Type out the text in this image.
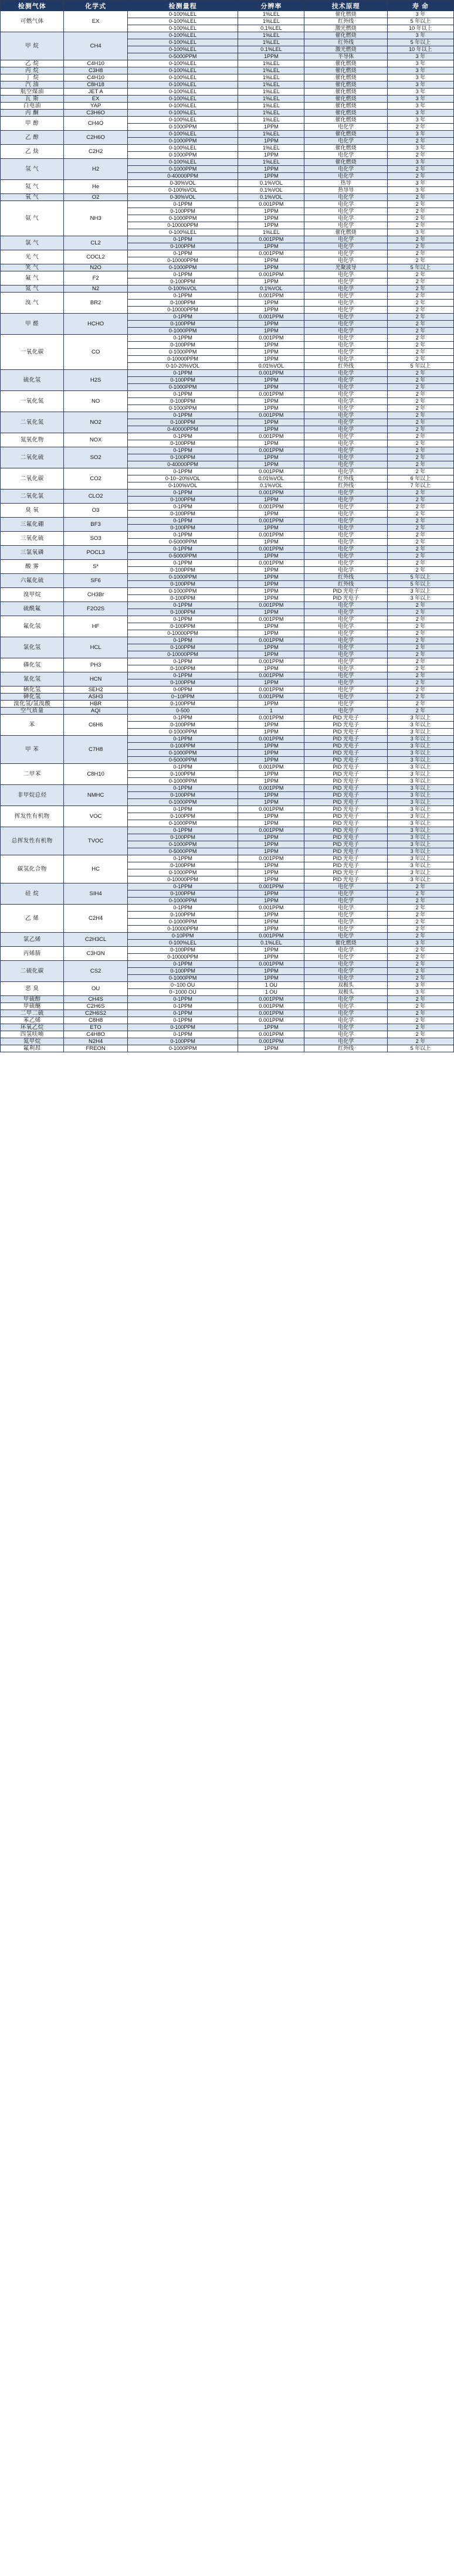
检测气体	化学式	检测量程	分辨率	技术原理	寿 命
可燃气体	EX	0-100%LEL	1%LEL	催化燃烧	3 年
		0-100%LEL	1%LEL	红外线	5 年以上
		0-100%LEL	0.1%LEL	激光燃烧	10 年以上
甲 烷	CH4	0-100%LEL	1%LEL	催化燃烧	3 年
		0-100%LEL	1%LEL	红外线	5 年以上
		0-100%LEL	0.1%LEL	激光燃烧	10 年以上
		0-5000PPM	1PPM	半导体	3 年
乙 烷	C4H10	0-100%LEL	1%LEL	催化燃烧	3 年
丙 烷	C3H8	0-100%LEL	1%LEL	催化燃烧	3 年
丁 烷	C4H10	0-100%LEL	1%LEL	催化燃烧	3 年
汽 油	C8H18	0-100%LEL	1%LEL	催化燃烧	3 年
航空煤油	JET A	0-100%LEL	1%LEL	催化燃烧	3 年
瓦 斯	EX	0-100%LEL	1%LEL	催化燃烧	3 年
白电油	YAP	0-100%LEL	1%LEL	催化燃烧	3 年
丙 酮	C3H6O	0-100%LEL	1%LEL	催化燃烧	3 年
甲 醇	CH4O	0-100%LEL	1%LEL	催化燃烧	3 年
		0-1000PPM	1PPM	电化学	2 年
乙 醇	C2H6O	0-100%LEL	1%LEL	催化燃烧	3 年
		0-1000PPM	1PPM	电化学	2 年
乙 炔	C2H2	0-100%LEL	1%LEL	催化燃烧	3 年
		0-1000PPM	1PPM	电化学	2 年
氢 气	H2	0-100%LEL	1%LEL	催化燃烧	3 年
		0-1000PPM	1PPM	电化学	2 年
		0-40000PPM	1PPM	电化学	2 年
氦 气	He	0-30%VOL	0.1%VOL	热导	3 年
		0-100%VOL	0.1%VOL	热导导	3 年
氧 气	O2	0-30%VOL	0.1%VOL	电化学	2 年
氨 气	NH3	0-1PPM	0.001PPM	电化学	2 年
		0-100PPM	1PPM	电化学	2 年
		0-1000PPM	1PPM	电化学	2 年
		0-10000PPM	1PPM	电化学	2 年
		0-100%LEL	1%LEL	催化燃烧	3 年
氯 气	CL2	0-1PPM	0.001PPM	电化学	2 年
		0-100PPM	1PPM	电化学	2 年
光 气	COCL2	0-1PPM	0.001PPM	电化学	2 年
		0-10000PPM	1PPM	电化学	2 年
笑 气	N2O	0-1000PPM	1PPM	光聚波导	5 年以上
氟 气	F2	0-1PPM	0.001PPM	电化学	2 年
		0-100PPM	1PPM	电化学	2 年
氮 气	N2	0-100%VOL	0.1%VOL	电化学	2 年
溴 气	BR2	0-1PPM	0.001PPM	电化学	2 年
		0-100PPM	1PPM	电化学	2 年
		0-10000PPM	1PPM	电化学	2 年
甲 醛	HCHO	0-1PPM	0.001PPM	电化学	2 年
		0-100PPM	1PPM	电化学	2 年
		0-1000PPM	1PPM	电化学	2 年
一氧化碳	CO	0-1PPM	0.001PPM	电化学	2 年
		0-100PPM	1PPM	电化学	2 年
		0-1000PPM	1PPM	电化学	2 年
		0-10000PPM	1PPM	电化学	2 年
		0-10-20%VOL	0.01%VOL	红外线	5 年以上
硫化氢	H2S	0-1PPM	0.001PPM	电化学	2 年
		0-100PPM	1PPM	电化学	2 年
		0-1000PPM	1PPM	电化学	2 年
一氧化氮	NO	0-1PPM	0.001PPM	电化学	2 年
		0-100PPM	1PPM	电化学	2 年
		0-1000PPM	1PPM	电化学	2 年
二氧化氮	NO2	0-1PPM	0.001PPM	电化学	2 年
		0-100PPM	1PPM	电化学	2 年
		0-40000PPM	1PPM	电化学	2 年
氮氧化物	NOX	0-1PPM	0.001PPM	电化学	2 年
		0-100PPM	1PPM	电化学	2 年
二氧化硫	SO2	0-1PPM	0.001PPM	电化学	2 年
		0-100PPM	1PPM	电化学	2 年
		0-40000PPM	1PPM	电化学	2 年
二氧化碳	CO2	0-1PPM	0.001PPM	电化学	2 年
		0-10~20%VOL	0.01%VOL	红外线	6 年以上
		0-100%VOL	0.1%VOL	红外线	7 年以上
二氧化氯	CLO2	0-1PPM	0.001PPM	电化学	2 年
		0-100PPM	1PPM	电化学	2 年
臭 氧	O3	0-1PPM	0.001PPM	电化学	2 年
		0-100PPM	1PPM	电化学	2 年
三氟化硼	BF3	0-1PPM	0.001PPM	电化学	2 年
		0-100PPM	1PPM	电化学	2 年
三氧化硫	SO3	0-1PPM	0.001PPM	电化学	2 年
		0-5000PPM	1PPM	电化学	2 年
三氯氧磷	POCL3	0-1PPM	0.001PPM	电化学	2 年
		0-5000PPM	1PPM	电化学	2 年
酸 雾	S*	0-1PPM	0.001PPM	电化学	2 年
		0-100PPM	1PPM	电化学	2 年
六氟化硫	SF6	0-1000PPM	1PPM	红外线	5 年以上
		0-100PPM	1PPM	红外线	5 年以上
溴甲烷	CH3Br	0-1000PPM	1PPM	PID 光电子	3 年以上
		0-100PPM	1PPM	PID 光电子	3 年以上
硫酰氟	F2O2S	0-1PPM	0.001PPM	电化学	2 年
		0-100PPM	1PPM	电化学	2 年
氟化氢	HF	0-1PPM	0.001PPM	电化学	2 年
		0-100PPM	1PPM	电化学	2 年
		0-10000PPM	1PPM	电化学	2 年
氯化氢	HCL	0-1PPM	0.001PPM	电化学	2 年
		0-100PPM	1PPM	电化学	2 年
		0-10000PPM	1PPM	电化学	2 年
磷化氢	PH3	0-1PPM	0.001PPM	电化学	2 年
		0-100PPM	1PPM	电化学	2 年
氰化氢	HCN	0-1PPM	0.001PPM	电化学	2 年
		0-100PPM	1PPM	电化学	2 年
硒化氢	SEH2	0-0PPM	0.001PPM	电化学	2 年
砷化氢	ASH3	0~10PPM	0.001PPM	电化学	2 年
溴化氢/氢溴酸	HBR	0-100PPM	1PPM	电化学	2 年
空气质量	AQI	0-500	1	电化学	2 年
苯	C6H6	0-1PPM	0.001PPM	PID 光电子	3 年以上
		0-100PPM	1PPM	PID 光电子	3 年以上
		0-1000PPM	1PPM	PID 光电子	3 年以上
甲 苯	C7H8	0-1PPM	0.001PPM	PID 光电子	3 年以上
		0-100PPM	1PPM	PID 光电子	3 年以上
		0-1000PPM	1PPM	PID 光电子	3 年以上
		0-5000PPM	1PPM	PID 光电子	3 年以上
二甲苯	C8H10	0-1PPM	0.001PPM	PID 光电子	3 年以上
		0-100PPM	1PPM	PID 光电子	3 年以上
		0-1000PPM	1PPM	PID 光电子	3 年以上
非甲烷总烃	NMHC	0-1PPM	0.001PPM	PID 光电子	3 年以上
		0-100PPM	1PPM	PID 光电子	3 年以上
		0-1000PPM	1PPM	PID 光电子	3 年以上
挥发性有机物	VOC	0-1PPM	0.001PPM	PID 光电子	3 年以上
		0-100PPM	1PPM	PID 光电子	3 年以上
		0-1000PPM	1PPM	PID 光电子	3 年以上
总挥发性有机物	TVOC	0-1PPM	0.001PPM	PID 光电子	3 年以上
		0-100PPM	1PPM	PID 光电子	3 年以上
		0-1000PPM	1PPM	PID 光电子	3 年以上
		0-5000PPM	1PPM	PID 光电子	3 年以上
碳氢化合物	HC	0-1PPM	0.001PPM	PID 光电子	3 年以上
		0-100PPM	1PPM	PID 光电子	3 年以上
		0-1000PPM	1PPM	PID 光电子	3 年以上
		0-10000PPM	1PPM	PID 光电子	3 年以上
硅 烷	SIH4	0-1PPM	0.001PPM	电化学	2 年
		0-100PPM	1PPM	电化学	2 年
		0-1000PPM	1PPM	电化学	2 年
乙 烯	C2H4	0-1PPM	0.001PPM	电化学	2 年
		0-100PPM	1PPM	电化学	2 年
		0-1000PPM	1PPM	电化学	2 年
		0-10000PPM	1PPM	电化学	2 年
氯乙烯	C2H3CL	0-10PPM	0.001PPM	电化学	2 年
		0-100%LEL	0.1%LEL	催化燃烧	3 年
丙烯腈	C3H3N	0-100PPM	1PPM	电化学	2 年
		0-10000PPM	1PPM	电化学	2 年
二硫化碳	CS2	0-1PPM	0.001PPM	电化学	2 年
		0-100PPM	1PPM	电化学	2 年
		0-1000PPM	1PPM	电化学	2 年
恶 臭	OU	0~100 OU	1 OU	双极头	3 年
		0~1000 OU	1 OU	双极头	3 年
甲硫醇	CH4S	0-1PPM	0.001PPM	电化学	2 年
甲硫醚	C2H6S	0-1PPM	0.001PPM	电化学	2 年
二甲二硫	C2H6S2	0-1PPM	0.001PPM	电化学	2 年
苯乙烯	C8H8	0-1PPM	0.001PPM	电化学	2 年
环氧乙烷	ETO	0-100PPM	1PPM	电化学	2 年
四氢呋喃	C4H8O	0-1PPM	0.001PPM	电化学	2 年
氮甲烷	N2H4	0-100PPM	0.001PPM	电化学	2 年
氟利昂	FREON	0-1000PPM	1PPM	红外线	5 年以上
